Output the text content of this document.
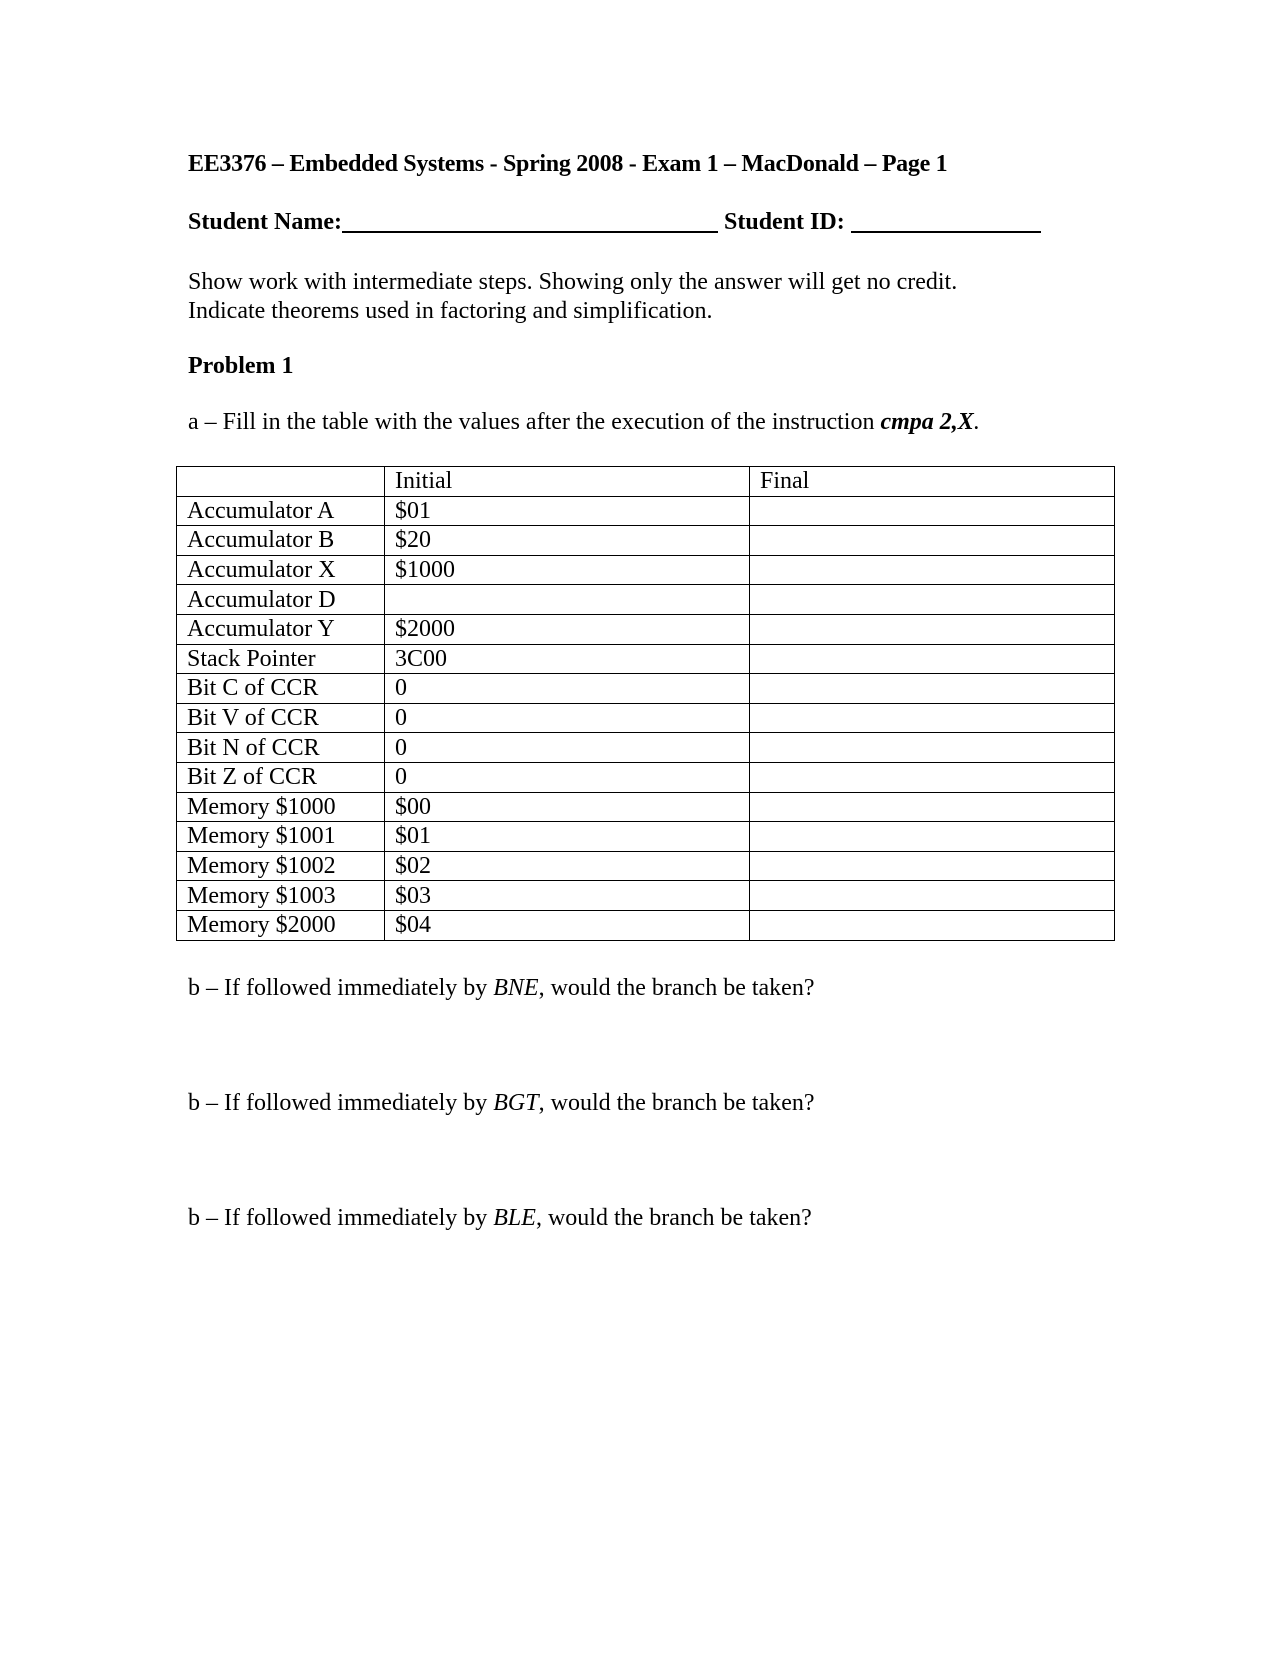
EE3376 – Embedded Systems - Spring 2008 - Exam 1 – MacDonald – Page 1
Student Name:	Student ID:
Show work with intermediate steps. Showing only the answer will get no credit.
Indicate theorems used in factoring and simplification.
Problem 1
a – Fill in the table with the values after the execution of the instruction cmpa 2,X.
	Initial	Final
Accumulator A	$01	
Accumulator B	$20	
Accumulator X	$1000	
Accumulator D		
Accumulator Y	$2000	
Stack Pointer	3C00	
Bit C of CCR	0	
Bit V of CCR	0	
Bit N of CCR	0	
Bit Z of CCR	0	
Memory $1000	$00	
Memory $1001	$01	
Memory $1002	$02	
Memory $1003	$03	
Memory $2000	$04	
b – If followed immediately by BNE, would the branch be taken?
b – If followed immediately by BGT, would the branch be taken?
b – If followed immediately by BLE, would the branch be taken?
